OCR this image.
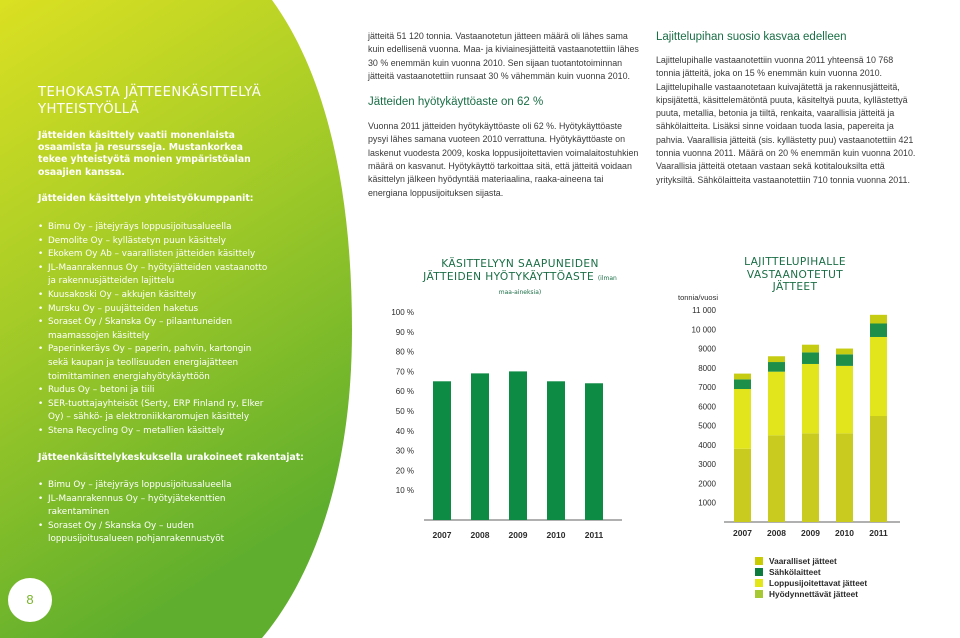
TEHOKASTA JÄTTEENKÄSITTELYÄ YHTEISTYÖLLÄ
Jätteiden käsittely vaatii monenlaista osaamista ja resursseja. Mustankorkea tekee yhteistyötä monien ympäristöalan osaajien kanssa.
Jätteiden käsittelyn yhteistyökumppanit:
• Bimu Oy – jätejyräys loppusijoitusalueella
• Demolite Oy – kyllästetyn puun käsittely
• Ekokem Oy Ab – vaarallisten jätteiden käsittely
• JL-Maanrakennus Oy – hyötyjätteiden vastaanotto ja rakennusjätteiden lajittelu
• Kuusakoski Oy – akkujen käsittely
• Mursku Oy – puujätteiden haketus
• Soraset Oy / Skanska Oy – pilaantuneiden maamassojen käsittely
• Paperinkeräys Oy – paperin, pahvin, kartongin sekä kaupan ja teollisuuden energiajätteen toimittaminen energiahyötykäyttöön
• Rudus Oy – betoni ja tiili
• SER-tuottajayhteisöt (Serty, ERP Finland ry, Elker Oy) – sähkö- ja elektroniikkaromujen käsittely
• Stena Recycling Oy – metallien käsittely
Jätteenkäsittelykeskuksella urakoineet rakentajat:
• Bimu Oy – jätejyräys loppusijoitusalueella
• JL-Maanrakennus Oy – hyötyjätekenttien rakentaminen
• Soraset Oy / Skanska Oy – uuden loppusijoitusalueen pohjanrakennustyöt
8

jätteitä 51 120 tonnia. Vastaanotetun jätteen määrä oli lähes sama kuin edellisenä vuonna. Maa- ja kiviainesjätteitä vastaanotettiin lähes 30 % enemmän kuin vuonna 2010. Sen sijaan tuotantotoiminnan jätteitä vastaanotettiin runsaat 30 % vähemmän kuin vuonna 2010.

Jätteiden hyötykäyttöaste on 62 %

Vuonna 2011 jätteiden hyötykäyttöaste oli 62 %. Hyötykäyttöaste pysyi lähes samana vuoteen 2010 verrattuna. Hyötykäyttöaste on laskenut vuodesta 2009, koska loppusijoitettavien voimalaitostuhkien määrä on kasvanut. Hyötykäyttö tarkoittaa sitä, että jätteitä voidaan käsittelyn jälkeen hyödyntää materiaalina, raaka-aineena tai energiana loppusijoituksen sijasta.

Lajittelupihan suosio kasvaa edelleen

Lajittelupihalle vastaanotettiin vuonna 2011 yhteensä 10 768 tonnia jätteitä, joka on 15 % enemmän kuin vuonna 2010. Lajittelupihalle vastaanotetaan kuivajätettä ja rakennusjätteitä, kipsijätettä, käsittelemätöntä puuta, käsiteltyä puuta, kyllästettyä puuta, metallia, betonia ja tiiltä, renkaita, vaarallisia jätteitä ja sähkölaitteita. Lisäksi sinne voidaan tuoda lasia, papereita ja pahvia. Vaarallisia jätteitä (sis. kyllästetty puu) vastaanotettiin 421 tonnia vuonna 2011. Määrä on 20 % enemmän kuin vuonna 2010. Vaarallisia jätteitä otetaan vastaan sekä kotitalouksilta että yrityksiltä. Sähkölaitteita vastaanotettiin 710 tonnia vuonna 2011.

KÄSITTELYYN SAAPUNEIDEN JÄTTEIDEN HYÖTYKÄYTTÖASTE (ilman maa-aineksia)
100 %
90 %
80 %
70 %
60 %
50 %
40 %
30 %
20 %
10 %
2007 2008 2009 2010 2011
LAJITTELUPIHALLE VASTAANOTETUT JÄTTEET
tonnia/vuosi
11 000
10 000
9000
8000
7000
6000
5000
4000
3000
2000
1000
2007 2008 2009 2010 2011
Vaaralliset jätteet
Sähkölaitteet
Loppusijoitettavat jätteet
Hyödynnettävät jätteet
